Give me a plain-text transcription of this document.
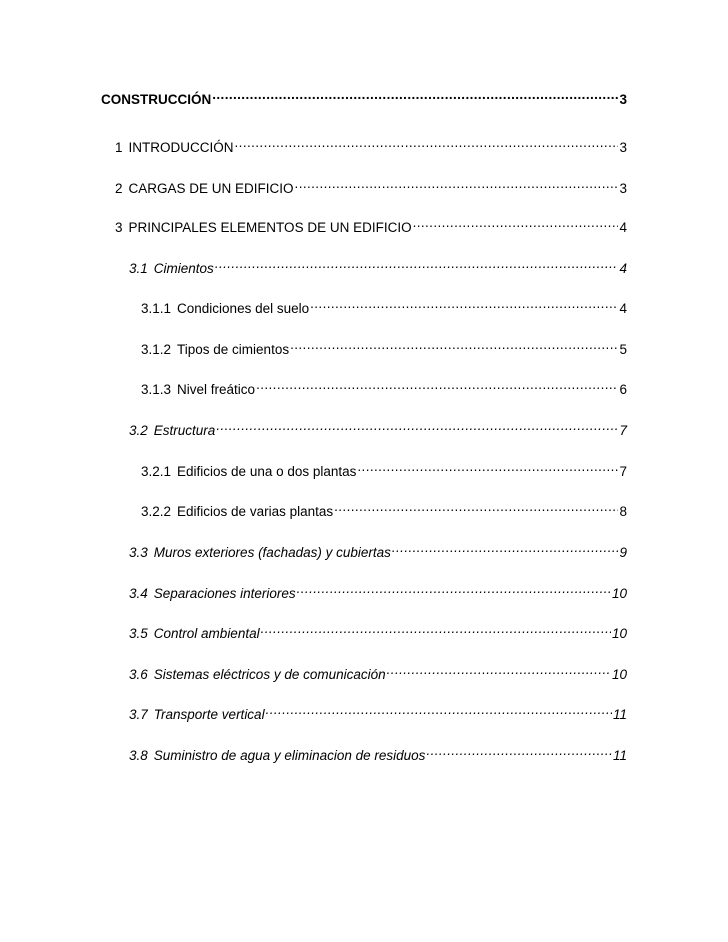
CONSTRUCCIÓN .....	3
1 INTRODUCCIÓN .....	3
2 CARGAS DE UN EDIFICIO .....	3
3 PRINCIPALES ELEMENTOS DE UN EDIFICIO .....	4
3.1 Cimientos .....	4
3.1.1 Condiciones del suelo .....	4
3.1.2 Tipos de cimientos .....	5
3.1.3 Nivel freático .....	6
3.2 Estructura .....	7
3.2.1 Edificios de una o dos plantas .....	7
3.2.2 Edificios de varias plantas .....	8
3.3 Muros exteriores (fachadas) y cubiertas .....	9
3.4 Separaciones interiores .....	10
3.5 Control ambiental .....	10
3.6 Sistemas eléctricos y de comunicación .....	10
3.7 Transporte vertical .....	11
3.8 Suministro de agua y eliminacion de residuos .....	11
